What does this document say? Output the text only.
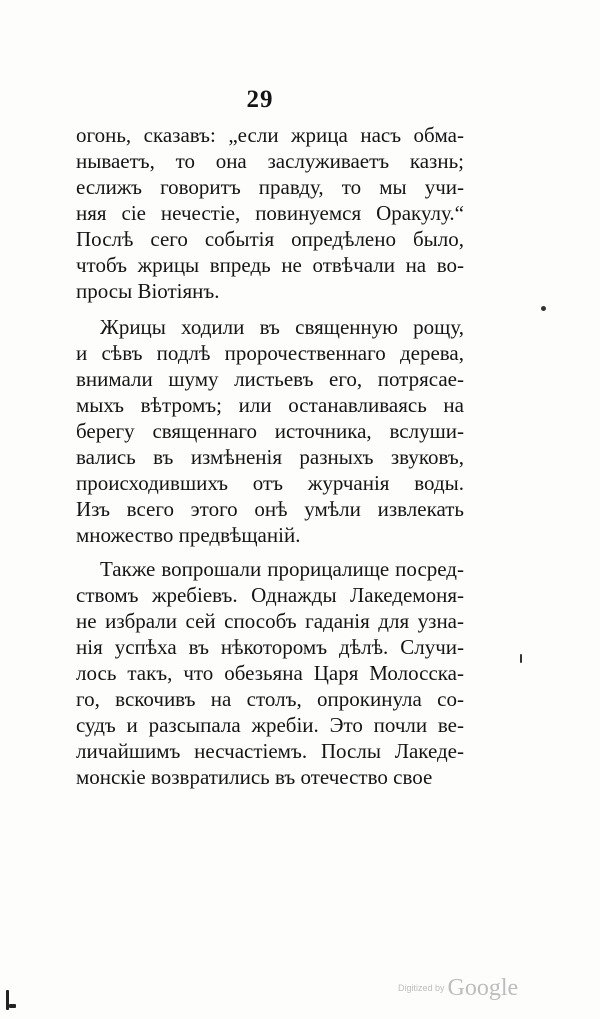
29
огонь, сказавъ: „если жрица насъ обма-
нываетъ, то она заслуживаетъ казнь;
еслижъ говоритъ правду, то мы учи-
няя сіе нечестіе, повинуемся Оракулу.“
Послѣ сего событія опредѣлено было,
чтобъ жрицы впредь не отвѣчали на во-
просы Віотіянъ.
Жрицы ходили въ священную рощу,
и сѣвъ подлѣ пророчественнаго дерева,
внимали шуму листьевъ его, потрясае-
мыхъ вѣтромъ; или останавливаясь на
берегу священнаго источника, вслуши-
вались въ измѣненія разныхъ звуковъ,
происходившихъ отъ журчанія воды.
Изъ всего этого онѣ умѣли извлекать
множество предвѣщаній.
Также вопрошали прорицалище посред-
ствомъ жребіевъ. Однажды Лакедемоня-
не избрали сей способъ гаданія для узна-
нія успѣха въ нѣкоторомъ дѣлѣ. Случи-
лось такъ, что обезьяна Царя Молосска-
го, вскочивъ на столъ, опрокинула со-
судъ и разсыпала жребіи. Это почли ве-
личайшимъ несчастіемъ. Послы Лакеде-
монскіе возвратились въ отечество свое
$^{Digitized by}$ Google
